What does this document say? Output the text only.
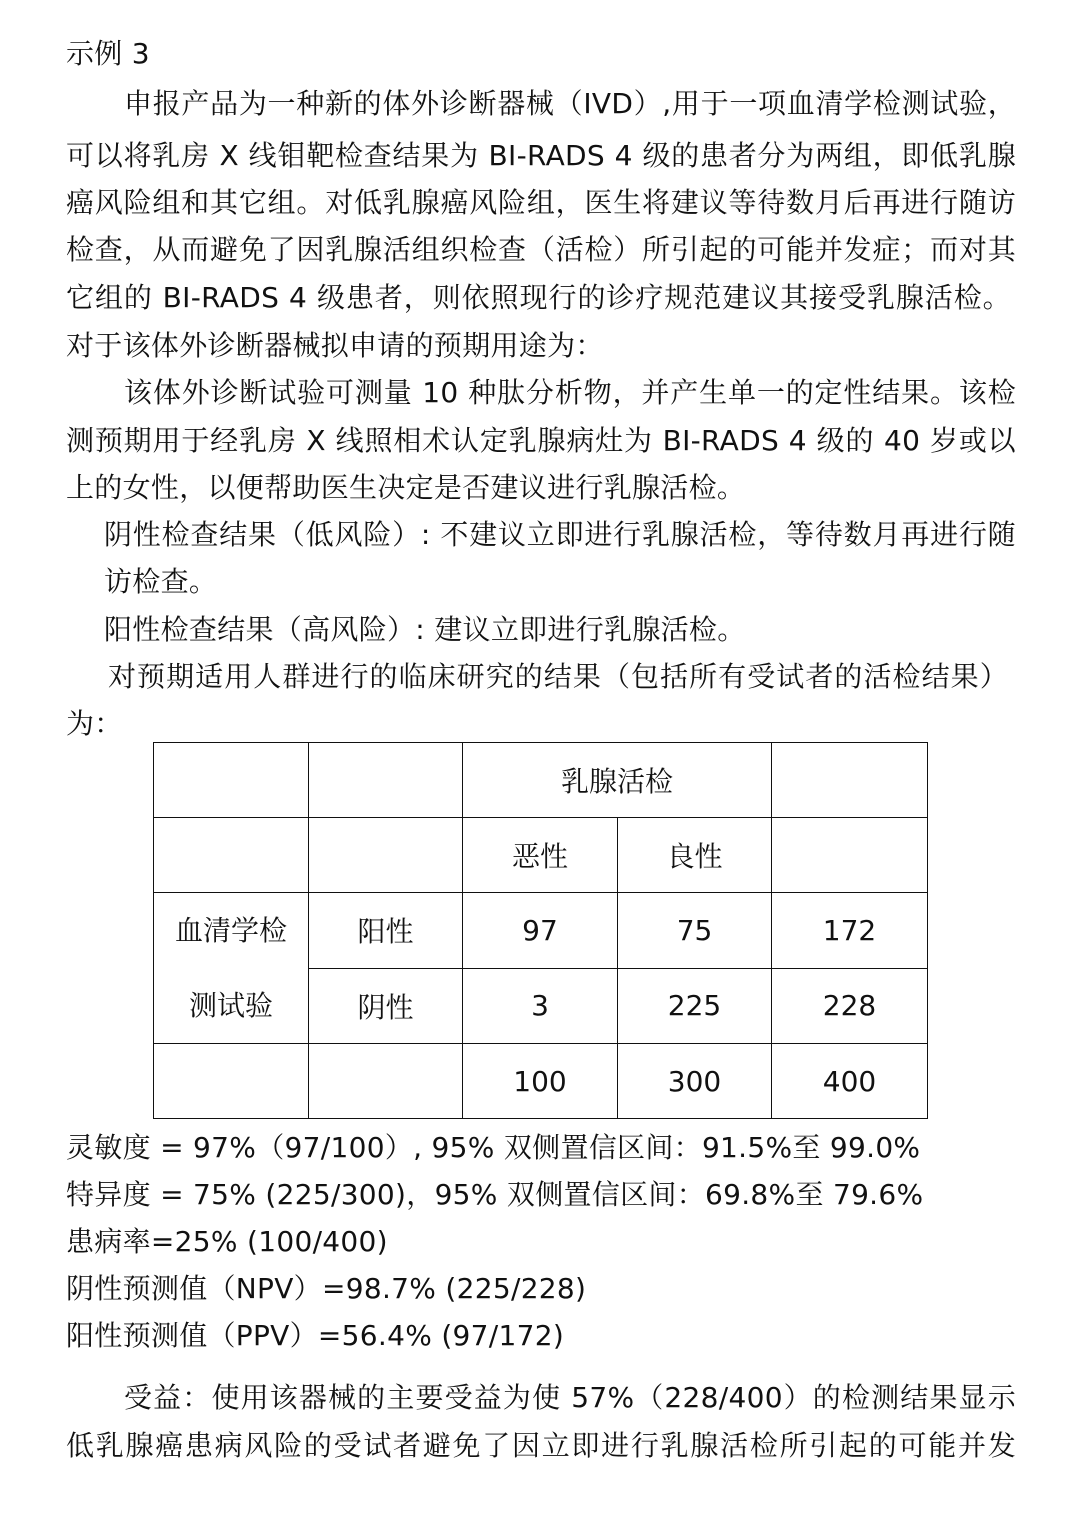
示例 3
申报产品为一种新的体外诊断器械（IVD）,用于一项血清学检测试验，
可以将乳房 X 线钼靶检查结果为 BI-RADS 4 级的患者分为两组，即低乳腺
癌风险组和其它组。对低乳腺癌风险组，医生将建议等待数月后再进行随访
检查，从而避免了因乳腺活组织检查（活检）所引起的可能并发症；而对其
它组的 BI-RADS 4 级患者，则依照现行的诊疗规范建议其接受乳腺活检。
对于该体外诊断器械拟申请的预期用途为：
该体外诊断试验可测量 10 种肽分析物，并产生单一的定性结果。该检
测预期用于经乳房 X 线照相术认定乳腺病灶为 BI-RADS 4 级的 40 岁或以
上的女性，以便帮助医生决定是否建议进行乳腺活检。
阴性检查结果（低风险）: 不建议立即进行乳腺活检，等待数月再进行随
访检查。
阳性检查结果（高风险）: 建议立即进行乳腺活检。
对预期适用人群进行的临床研究的结果（包括所有受试者的活检结果）
为：
		乳腺活检		
		恶性	良性	

血清学检
测试验	阳性	97	75	172
	阴性	3	225	228
		100	300	400
灵敏度 = 97%（97/100）, 95% 双侧置信区间：91.5%至 99.0%
特异度 = 75% (225/300)，95% 双侧置信区间：69.8%至 79.6%
患病率=25% (100/400)
阴性预测值（NPV）=98.7% (225/228)
阳性预测值（PPV）=56.4% (97/172)
受益：使用该器械的主要受益为使 57%（228/400）的检测结果显示
低乳腺癌患病风险的受试者避免了因立即进行乳腺活检所引起的可能并发
